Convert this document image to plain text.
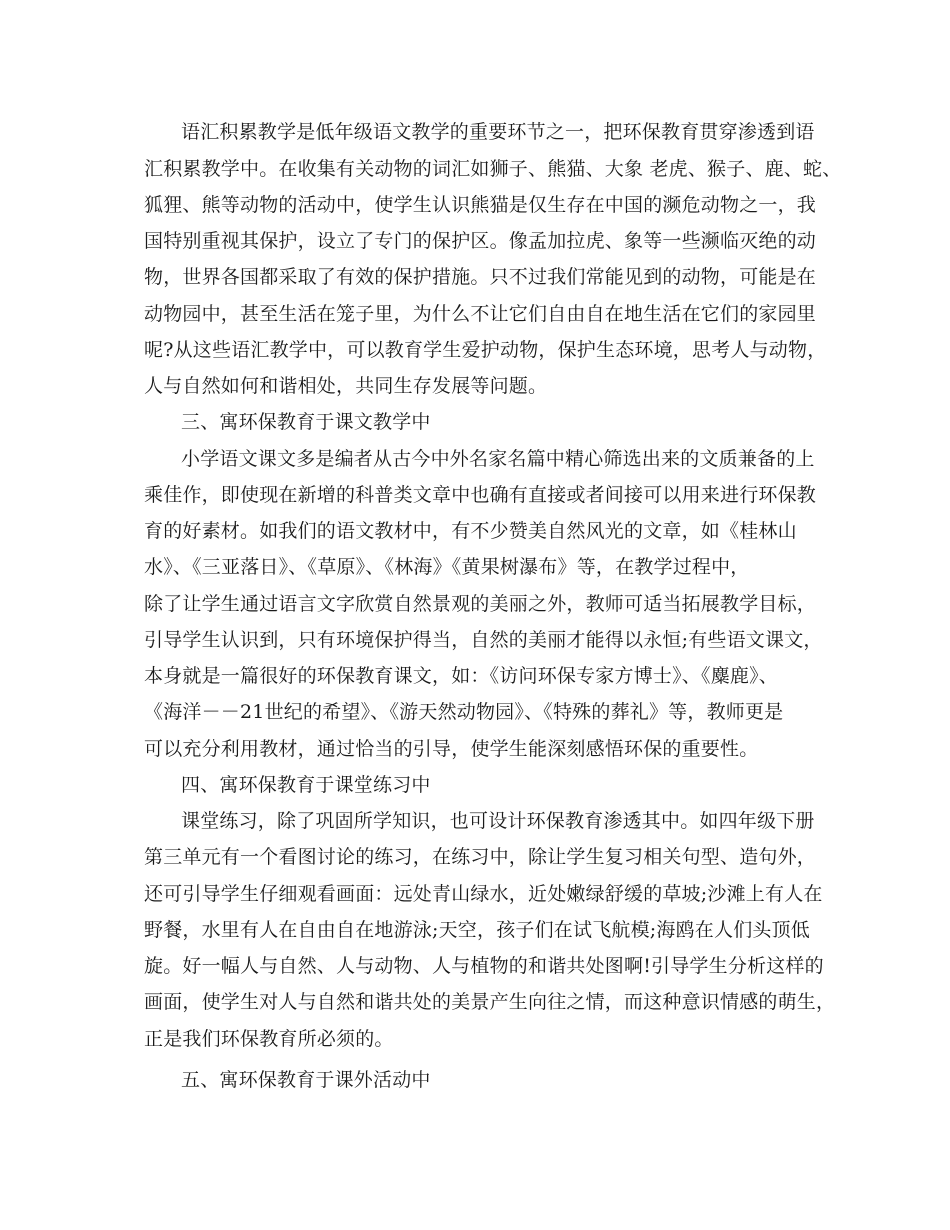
语汇积累教学是低年级语文教学的重要环节之一，把环保教育贯穿渗透到语
汇积累教学中。在收集有关动物的词汇如狮子、熊猫、大象 老虎、猴子、鹿、蛇、
狐狸、熊等动物的活动中，使学生认识熊猫是仅生存在中国的濒危动物之一，我
国特别重视其保护，设立了专门的保护区。像孟加拉虎、象等一些濒临灭绝的动
物，世界各国都采取了有效的保护措施。只不过我们常能见到的动物，可能是在
动物园中，甚至生活在笼子里，为什么不让它们自由自在地生活在它们的家园里
呢?从这些语汇教学中，可以教育学生爱护动物，保护生态环境，思考人与动物，
人与自然如何和谐相处，共同生存发展等问题。
三、寓环保教育于课文教学中
小学语文课文多是编者从古今中外名家名篇中精心筛选出来的文质兼备的上
乘佳作，即使现在新增的科普类文章中也确有直接或者间接可以用来进行环保教
育的好素材。如我们的语文教材中，有不少赞美自然风光的文章，如《桂林山
水》、《三亚落日》、《草原》、《林海》《黄果树瀑布》等，在教学过程中，
除了让学生通过语言文字欣赏自然景观的美丽之外，教师可适当拓展教学目标，
引导学生认识到，只有环境保护得当，自然的美丽才能得以永恒;有些语文课文，
本身就是一篇很好的环保教育课文，如：《访问环保专家方博士》、《麋鹿》、
《海洋－－21世纪的希望》、《游天然动物园》、《特殊的葬礼》等，教师更是
可以充分利用教材，通过恰当的引导，使学生能深刻感悟环保的重要性。
四、寓环保教育于课堂练习中
课堂练习，除了巩固所学知识，也可设计环保教育渗透其中。如四年级下册
第三单元有一个看图讨论的练习，在练习中，除让学生复习相关句型、造句外，
还可引导学生仔细观看画面：远处青山绿水，近处嫩绿舒缓的草坡;沙滩上有人在
野餐，水里有人在自由自在地游泳;天空，孩子们在试飞航模;海鸥在人们头顶低
旋。好一幅人与自然、人与动物、人与植物的和谐共处图啊!引导学生分析这样的
画面，使学生对人与自然和谐共处的美景产生向往之情，而这种意识情感的萌生，
正是我们环保教育所必须的。
五、寓环保教育于课外活动中
